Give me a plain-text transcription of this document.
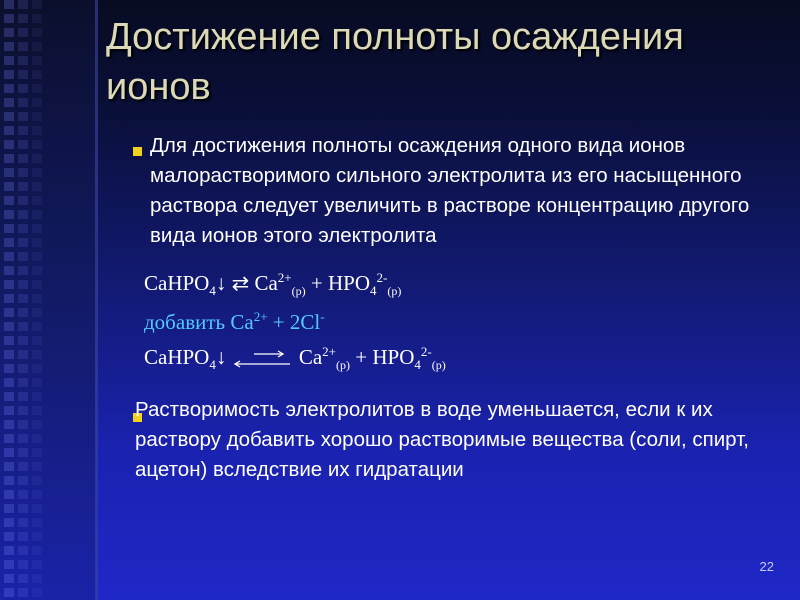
Достижение полноты осаждения ионов
Для достижения полноты осаждения одного вида ионов малорастворимого сильного электролита из его насыщенного раствора следует увеличить в растворе концентрацию другого вида ионов этого электролита
CaHPO$_4$↓ ⇄ $Ca^{2+}_{(р)} + HPO_4^{2-}_{(р)}$
добавить $Ca^{2+} + 2Cl^-$
CaHPO$_4$↓	$Ca^{2+}_{(р)} + HPO_4^{2-}_{(р)}$
Растворимость электролитов в воде уменьшается, если к их раствору добавить хорошо растворимые вещества (соли, спирт, ацетон) вследствие их гидратации
22
